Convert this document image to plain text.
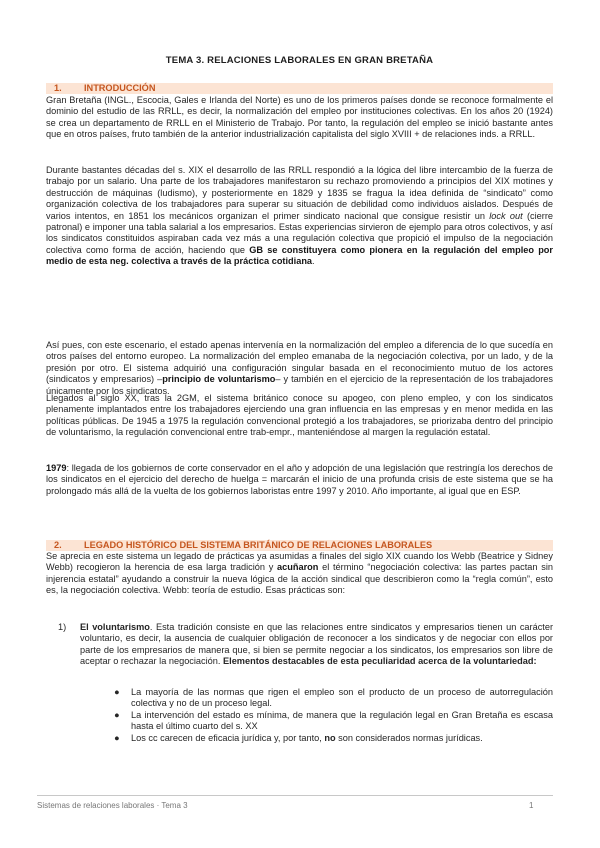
TEMA 3. RELACIONES LABORALES EN GRAN BRETAÑA
1. INTRODUCCIÓN

Gran Bretaña (INGL., Escocia, Gales e Irlanda del Norte) es uno de los primeros países donde se reconoce formalmente el dominio del estudio de las RRLL, es decir, la normalización del empleo por instituciones colectivas. En los años 20 (1924) se crea un departamento de RRLL en el Ministerio de Trabajo. Por tanto, la regulación del empleo se inició bastante antes que en otros países, fruto también de la anterior industrialización capitalista del siglo XVIII + de relaciones inds. a RRLL.

Durante bastantes décadas del s. XIX el desarrollo de las RRLL respondió a la lógica del libre intercambio de la fuerza de trabajo por un salario. Una parte de los trabajadores manifestaron su rechazo promoviendo a principios del XIX motines y destrucción de máquinas (ludismo), y posteriormente en 1829 y 1835 se fragua la idea definida de “sindicato” como organización colectiva de los trabajadores para superar su situación de debilidad como individuos aislados. Después de varios intentos, en 1851 los mecánicos organizan el primer sindicato nacional que consigue resistir un lock out (cierre patronal) e imponer una tabla salarial a los empresarios. Estas experiencias sirvieron de ejemplo para otros colectivos, y así los sindicatos constituidos aspiraban cada vez más a una regulación colectiva que propició el impulso de la negociación colectiva como forma de acción, haciendo que GB se constituyera como pionera en la regulación del empleo por medio de esta neg. colectiva a través de la práctica cotidiana.

Así pues, con este escenario, el estado apenas intervenía en la normalización del empleo a diferencia de lo que sucedía en otros países del entorno europeo. La normalización del empleo emanaba de la negociación colectiva, por un lado, y de la presión por otro. El sistema adquirió una configuración singular basada en el reconocimiento mutuo de los actores (sindicatos y empresarios) –principio de voluntarismo– y también en el ejercicio de la representación de los trabajadores únicamente por los sindicatos.

Llegados al siglo XX, tras la 2GM, el sistema británico conoce su apogeo, con pleno empleo, y con los sindicatos plenamente implantados entre los trabajadores ejerciendo una gran influencia en las empresas y en menor medida en las políticas públicas. De 1945 a 1975 la regulación convencional protegió a los trabajadores, se priorizaba dentro del principio de voluntarismo, la regulación convencional entre trab-empr., manteniéndose al margen la regulación estatal.

1979: llegada de los gobiernos de corte conservador en el año y adopción de una legislación que restringía los derechos de los sindicatos en el ejercicio del derecho de huelga = marcarán el inicio de una profunda crisis de este sistema que se ha prolongado más allá de la vuelta de los gobiernos laboristas entre 1997 y 2010. Año importante, al igual que en ESP.

2. LEGADO HISTÓRICO DEL SISTEMA BRITÁNICO DE RELACIONES LABORALES

Se aprecia en este sistema un legado de prácticas ya asumidas a finales del siglo XIX cuando los Webb (Beatrice y Sidney Webb) recogieron la herencia de esa larga tradición y acuñaron el término “negociación colectiva: las partes pactan sin injerencia estatal” ayudando a construir la nueva lógica de la acción sindical que describieron como la “regla común”, esto es, la negociación colectiva. Webb: teoría de estudio. Esas prácticas son:

1) El voluntarismo. Esta tradición consiste en que las relaciones entre sindicatos y empresarios tienen un carácter voluntario, es decir, la ausencia de cualquier obligación de reconocer a los sindicatos y de negociar con ellos por parte de los empresarios de manera que, si bien se permite negociar a los sindicatos, los empresarios son libre de aceptar o rechazar la negociación. Elementos destacables de esta peculiaridad acerca de la voluntariedad:
● La mayoría de las normas que rigen el empleo son el producto de un proceso de autorregulación colectiva y no de un proceso legal.
● La intervención del estado es mínima, de manera que la regulación legal en Gran Bretaña es escasa hasta el último cuarto del s. XX
● Los cc carecen de eficacia jurídica y, por tanto, no son considerados normas jurídicas.
Sistemas de relaciones laborales · Tema 3	1
